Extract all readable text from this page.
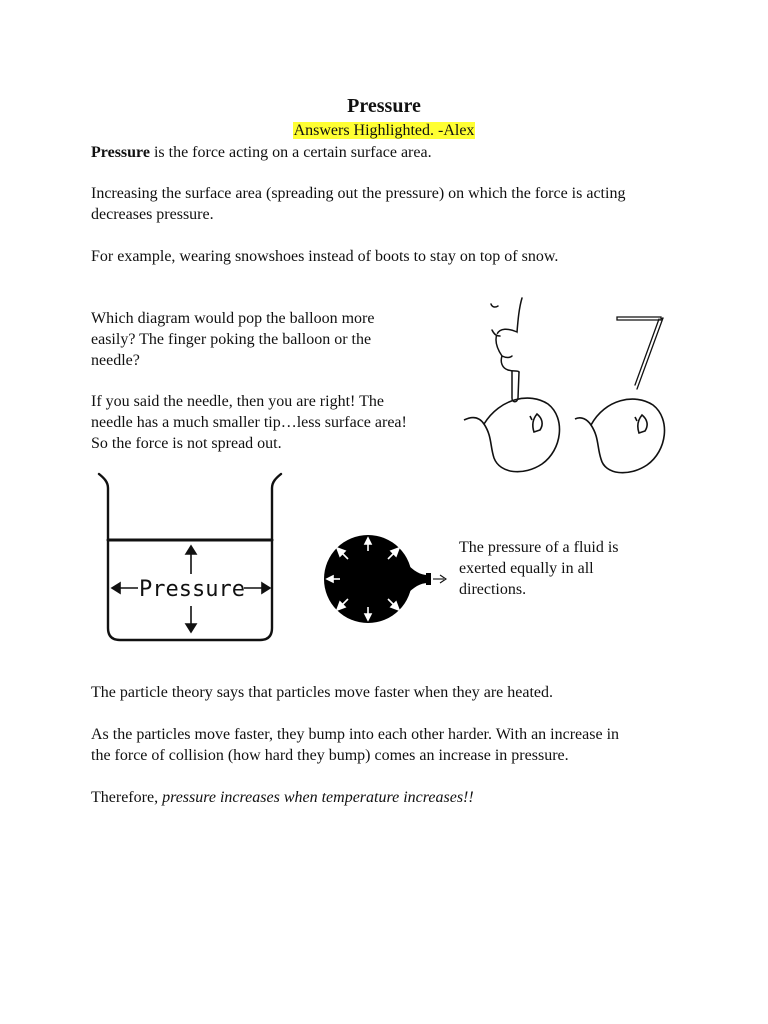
Pressure
Answers Highlighted. -Alex

Pressure is the force acting on a certain surface area.

Increasing the surface area (spreading out the pressure) on which the force is acting
decreases pressure.

For example, wearing snowshoes instead of boots to stay on top of snow.

Which diagram would pop the balloon more
easily? The finger poking the balloon or the
needle?

If you said the needle, then you are right! The
needle has a much smaller tip…less surface area!
So the force is not spread out.

Pressure

The pressure of a fluid is
exerted equally in all
directions.

The particle theory says that particles move faster when they are heated.

As the particles move faster, they bump into each other harder. With an increase in
the force of collision (how hard they bump) comes an increase in pressure.

Therefore, pressure increases when temperature increases!!
